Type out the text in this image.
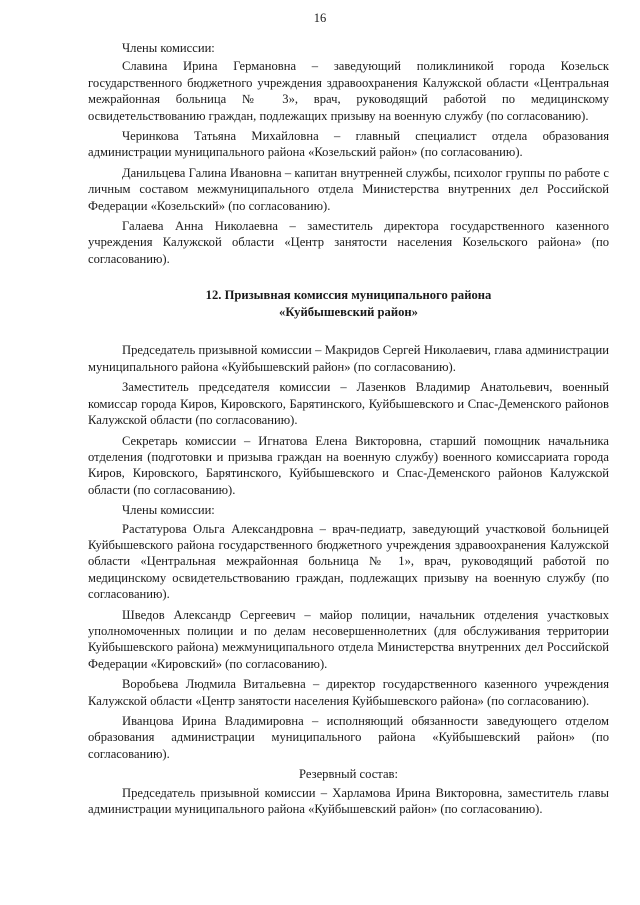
16
Члены комиссии:

Славина Ирина Германовна – заведующий поликлиникой города Козельск государственного бюджетного учреждения здравоохранения Калужской области «Центральная межрайонная больница № 3», врач, руководящий работой по медицинскому освидетельствованию граждан, подлежащих призыву на военную службу (по согласованию).

Черинкова Татьяна Михайловна – главный специалист отдела образования администрации муниципального района «Козельский район» (по согласованию).

Данильцева Галина Ивановна – капитан внутренней службы, психолог группы по работе с личным составом межмуниципального отдела Министерства внутренних дел Российской Федерации «Козельский» (по согласованию).

Галаева Анна Николаевна – заместитель директора государственного казенного учреждения Калужской области «Центр занятости населения Козельского района» (по согласованию).

12. Призывная комиссия муниципального района
«Куйбышевский район»

Председатель призывной комиссии – Макридов Сергей Николаевич, глава администрации муниципального района «Куйбышевский район» (по согласованию).

Заместитель председателя комиссии – Лазенков Владимир Анатольевич, военный комиссар города Киров, Кировского, Барятинского, Куйбышевского и Спас-Деменского районов Калужской области (по согласованию).

Секретарь комиссии – Игнатова Елена Викторовна, старший помощник начальника отделения (подготовки и призыва граждан на военную службу) военного комиссариата города Киров, Кировского, Барятинского, Куйбышевского и Спас-Деменского районов Калужской области (по согласованию).

Члены комиссии:

Растатурова Ольга Александровна – врач-педиатр, заведующий участковой больницей Куйбышевского района государственного бюджетного учреждения здравоохранения Калужской области «Центральная межрайонная больница № 1», врач, руководящий работой по медицинскому освидетельствованию граждан, подлежащих призыву на военную службу (по согласованию).

Шведов Александр Сергеевич – майор полиции, начальник отделения участковых уполномоченных полиции и по делам несовершеннолетних (для обслуживания территории Куйбышевского района) межмуниципального отдела Министерства внутренних дел Российской Федерации «Кировский» (по согласованию).

Воробьева Людмила Витальевна – директор государственного казенного учреждения Калужской области «Центр занятости населения Куйбышевского района» (по согласованию).

Иванцова Ирина Владимировна – исполняющий обязанности заведующего отделом образования администрации муниципального района «Куйбышевский район» (по согласованию).

Резервный состав:

Председатель призывной комиссии – Харламова Ирина Викторовна, заместитель главы администрации муниципального района «Куйбышевский район» (по согласованию).
